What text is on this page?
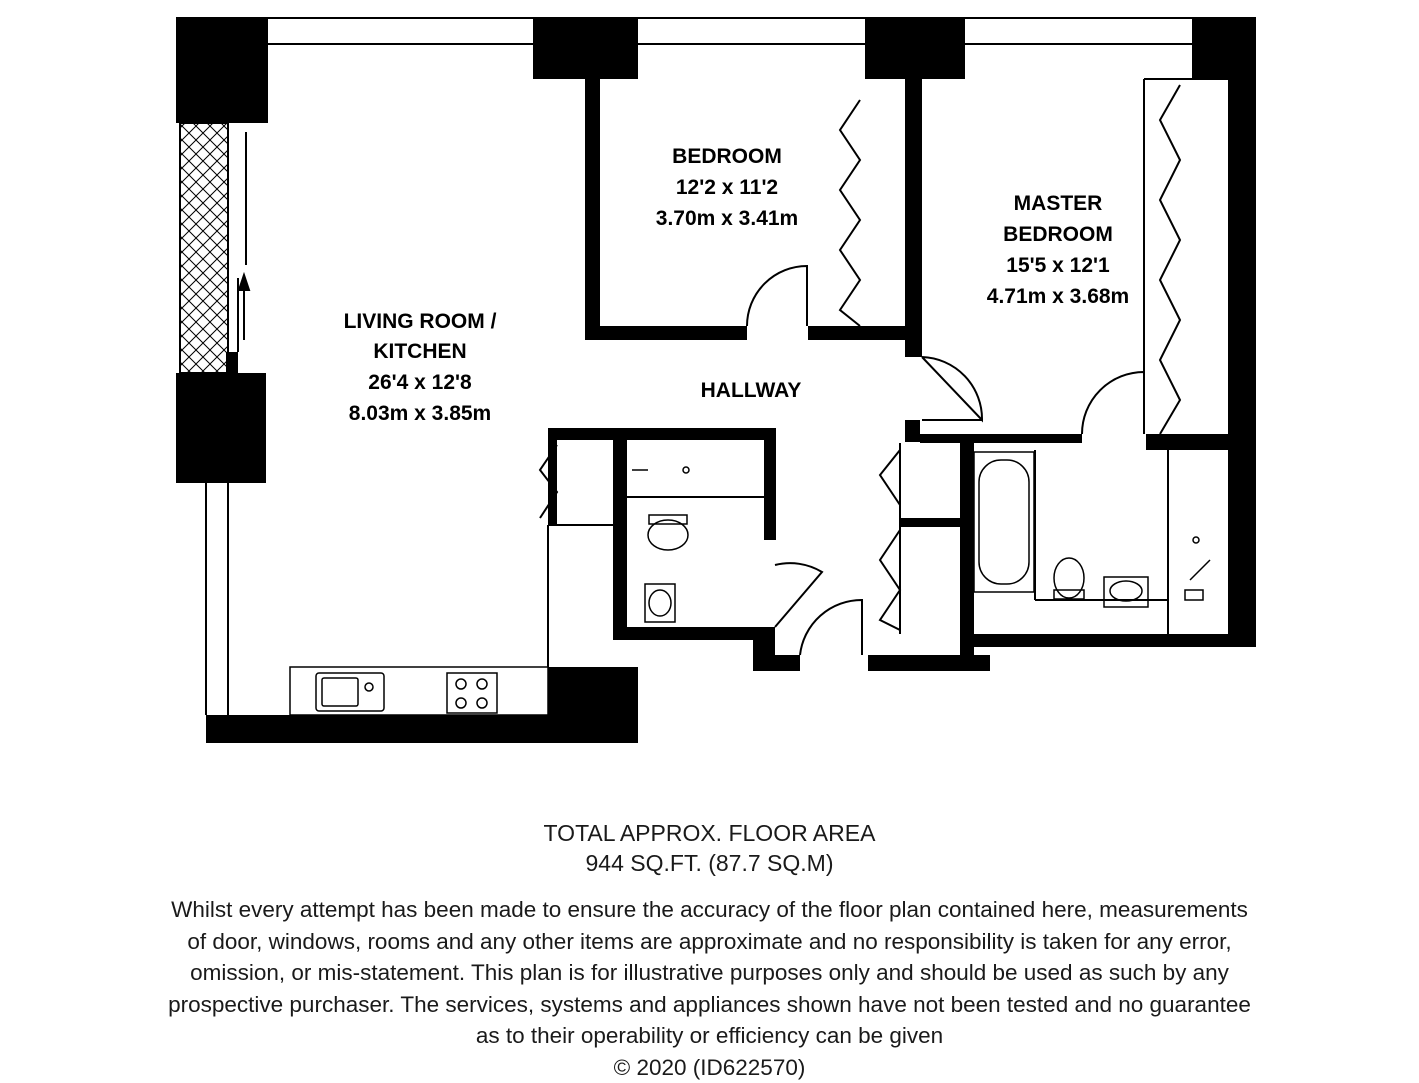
LIVING ROOM /
KITCHEN
26'4 x 12'8
8.03m x 3.85m
BEDROOM
12'2 x 11'2
3.70m x 3.41m
MASTER
BEDROOM
15'5 x 12'1
4.71m x 3.68m
HALLWAY
TOTAL APPROX. FLOOR AREA
944 SQ.FT. (87.7 SQ.M)
Whilst every attempt has been made to ensure the accuracy of the floor plan contained here, measurements
of door, windows, rooms and any other items are approximate and no responsibility is taken for any error,
omission, or mis-statement. This plan is for illustrative purposes only and should be used as such by any
prospective purchaser. The services, systems and appliances shown have not been tested and no guarantee
as to their operability or efficiency can be given
© 2020 (ID622570)
